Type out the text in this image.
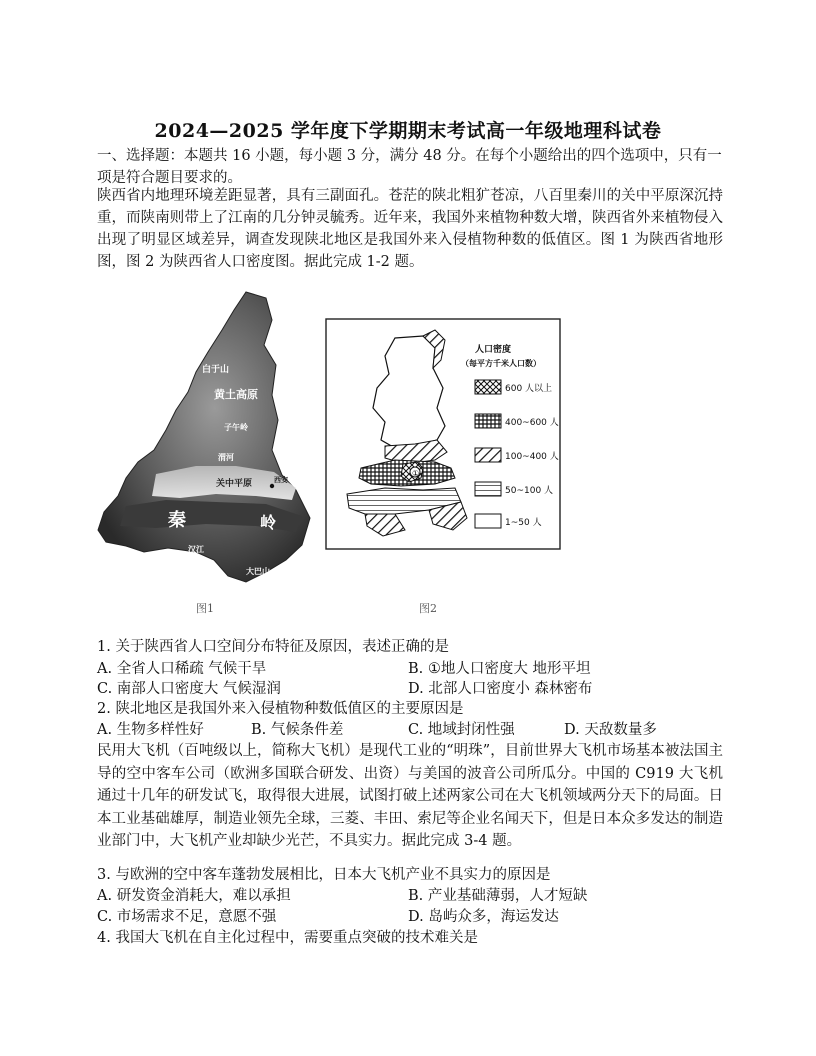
2024—2025 学年度下学期期末考试高一年级地理科试卷
一、选择题：本题共 16 小题，每小题 3 分，满分 48 分。在每个小题给出的四个选项中，只有一项是符合题目要求的。
陕西省内地理环境差距显著，具有三副面孔。苍茫的陕北粗犷苍凉，八百里秦川的关中平原深沉持重，而陕南则带上了江南的几分钟灵毓秀。近年来，我国外来植物种数大增，陕西省外来植物侵入出现了明显区域差异，调查发现陕北地区是我国外来入侵植物种数的低值区。图 1 为陕西省地形图，图 2 为陕西省人口密度图。据此完成 1-2 题。
白于山
黄土高原
子午岭
渭河
关中平原	西安
秦	岭
汉江
大巴山
①
人口密度
（每平方千米人口数）
600 人以上
400~600 人
100~400 人
50~100 人
1~50 人
图1	图2
1. 关于陕西省人口空间分布特征及原因，表述正确的是
A. 全省人口稀疏 气候干旱	B. ①地人口密度大 地形平坦
C. 南部人口密度大 气候湿润	D. 北部人口密度小 森林密布
2. 陕北地区是我国外来入侵植物种数低值区的主要原因是
A. 生物多样性好	B. 气候条件差	C. 地域封闭性强	D. 天敌数量多
民用大飞机（百吨级以上，简称大飞机）是现代工业的“明珠”，目前世界大飞机市场基本被法国主导的空中客车公司（欧洲多国联合研发、出资）与美国的波音公司所瓜分。中国的 C919 大飞机通过十几年的研发试飞，取得很大进展，试图打破上述两家公司在大飞机领域两分天下的局面。日本工业基础雄厚，制造业领先全球，三菱、丰田、索尼等企业名闻天下，但是日本众多发达的制造业部门中，大飞机产业却缺少光芒，不具实力。据此完成 3-4 题。
3. 与欧洲的空中客车蓬勃发展相比，日本大飞机产业不具实力的原因是
A. 研发资金消耗大，难以承担	B. 产业基础薄弱，人才短缺
C. 市场需求不足，意愿不强	D. 岛屿众多，海运发达
4. 我国大飞机在自主化过程中，需要重点突破的技术难关是
